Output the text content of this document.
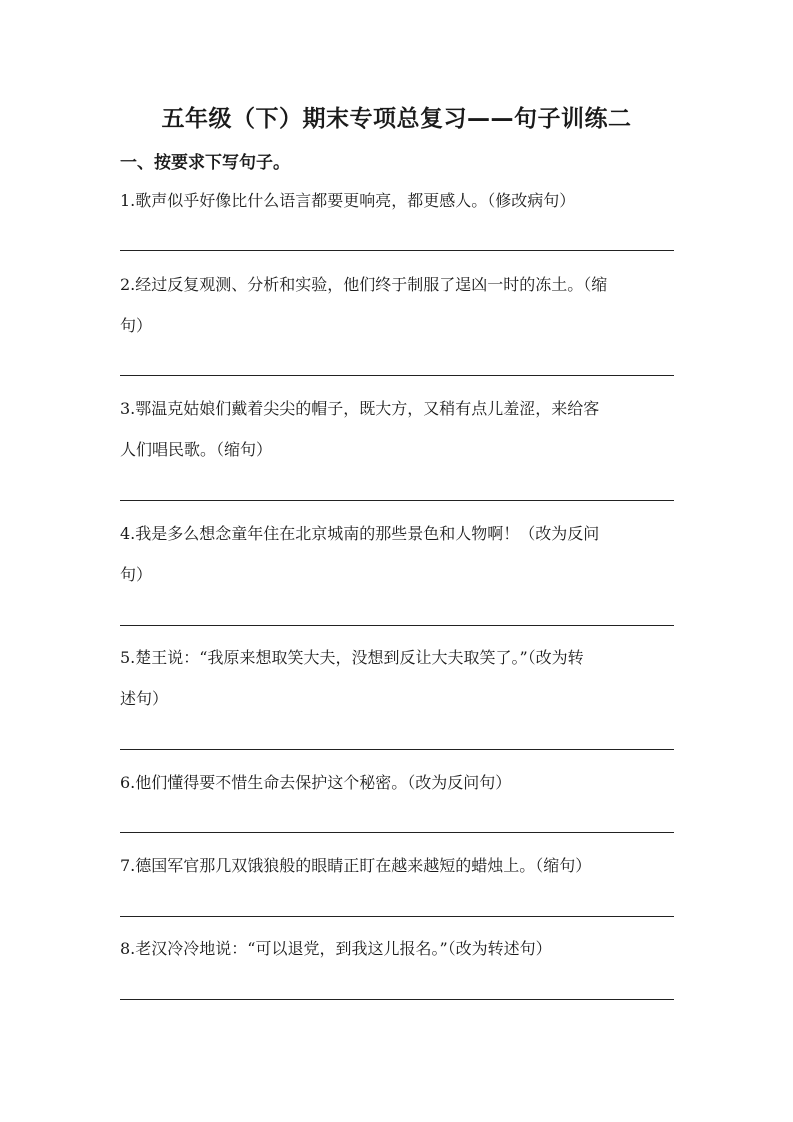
五年级（下）期末专项总复习——句子训练二
一、按要求下写句子。
1.歌声似乎好像比什么语言都要更响亮，都更感人。（修改病句）
2.经过反复观测、分析和实验，他们终于制服了逞凶一时的冻土。（缩
句）
3.鄂温克姑娘们戴着尖尖的帽子，既大方，又稍有点儿羞涩，来给客
人们唱民歌。（缩句）
4.我是多么想念童年住在北京城南的那些景色和人物啊！（改为反问
句）
5.楚王说：“我原来想取笑大夫，没想到反让大夫取笑了。”（改为转
述句）
6.他们懂得要不惜生命去保护这个秘密。（改为反问句）
7.德国军官那几双饿狼般的眼睛正盯在越来越短的蜡烛上。（缩句）
8.老汉冷冷地说：“可以退党，到我这儿报名。”（改为转述句）
